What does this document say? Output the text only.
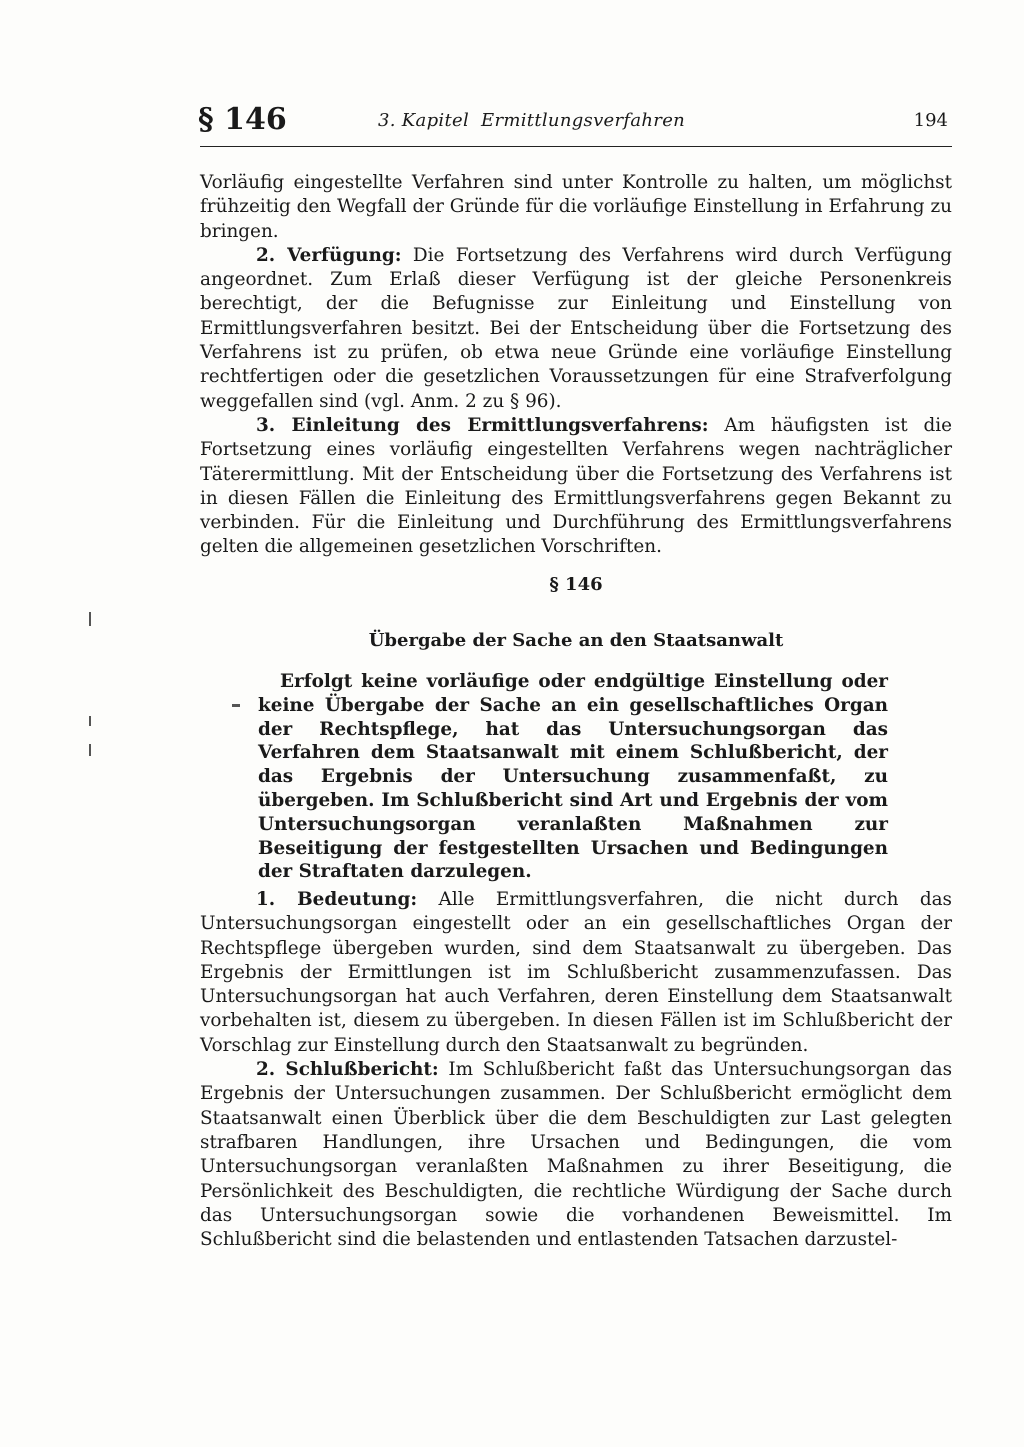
§ 146	3. Kapitel  Ermittlungsverfahren	194

Vorläufig eingestellte Verfahren sind unter Kontrolle zu halten, um möglichst frühzeitig den Wegfall der Gründe für die vorläufige Einstellung in Erfahrung zu bringen.

2. Verfügung: Die Fortsetzung des Verfahrens wird durch Verfügung angeordnet. Zum Erlaß dieser Verfügung ist der gleiche Personenkreis berechtigt, der die Befugnisse zur Einleitung und Einstellung von Ermittlungsverfahren besitzt. Bei der Entscheidung über die Fortsetzung des Verfahrens ist zu prüfen, ob etwa neue Gründe eine vorläufige Einstellung rechtfertigen oder die gesetzlichen Voraussetzungen für eine Strafverfolgung weggefallen sind (vgl. Anm. 2 zu § 96).

3. Einleitung des Ermittlungsverfahrens: Am häufigsten ist die Fortsetzung eines vorläufig eingestellten Verfahrens wegen nachträglicher Täterermittlung. Mit der Entscheidung über die Fortsetzung des Verfahrens ist in diesen Fällen die Einleitung des Ermittlungsverfahrens gegen Bekannt zu verbinden. Für die Einleitung und Durchführung des Ermittlungsverfahrens gelten die allgemeinen gesetzlichen Vorschriften.

§ 146
Übergabe der Sache an den Staatsanwalt

Erfolgt keine vorläufige oder endgültige Einstellung oder keine Übergabe der Sache an ein gesellschaftliches Organ der Rechtspflege, hat das Untersuchungsorgan das Verfahren dem Staatsanwalt mit einem Schlußbericht, der das Ergebnis der Untersuchung zusammenfaßt, zu übergeben. Im Schlußbericht sind Art und Ergebnis der vom Untersuchungsorgan veranlaßten Maßnahmen zur Beseitigung der festgestellten Ursachen und Bedingungen der Straftaten darzulegen.

1. Bedeutung: Alle Ermittlungsverfahren, die nicht durch das Untersuchungsorgan eingestellt oder an ein gesellschaftliches Organ der Rechtspflege übergeben wurden, sind dem Staatsanwalt zu übergeben. Das Ergebnis der Ermittlungen ist im Schlußbericht zusammenzufassen. Das Untersuchungsorgan hat auch Verfahren, deren Einstellung dem Staatsanwalt vorbehalten ist, diesem zu übergeben. In diesen Fällen ist im Schlußbericht der Vorschlag zur Einstellung durch den Staatsanwalt zu begründen.

2. Schlußbericht: Im Schlußbericht faßt das Untersuchungsorgan das Ergebnis der Untersuchungen zusammen. Der Schlußbericht ermöglicht dem Staatsanwalt einen Überblick über die dem Beschuldigten zur Last gelegten strafbaren Handlungen, ihre Ursachen und Bedingungen, die vom Untersuchungsorgan veranlaßten Maßnahmen zu ihrer Beseitigung, die Persönlichkeit des Beschuldigten, die rechtliche Würdigung der Sache durch das Untersuchungsorgan sowie die vorhandenen Beweismittel. Im Schlußbericht sind die belastenden und entlastenden Tatsachen darzustel-
